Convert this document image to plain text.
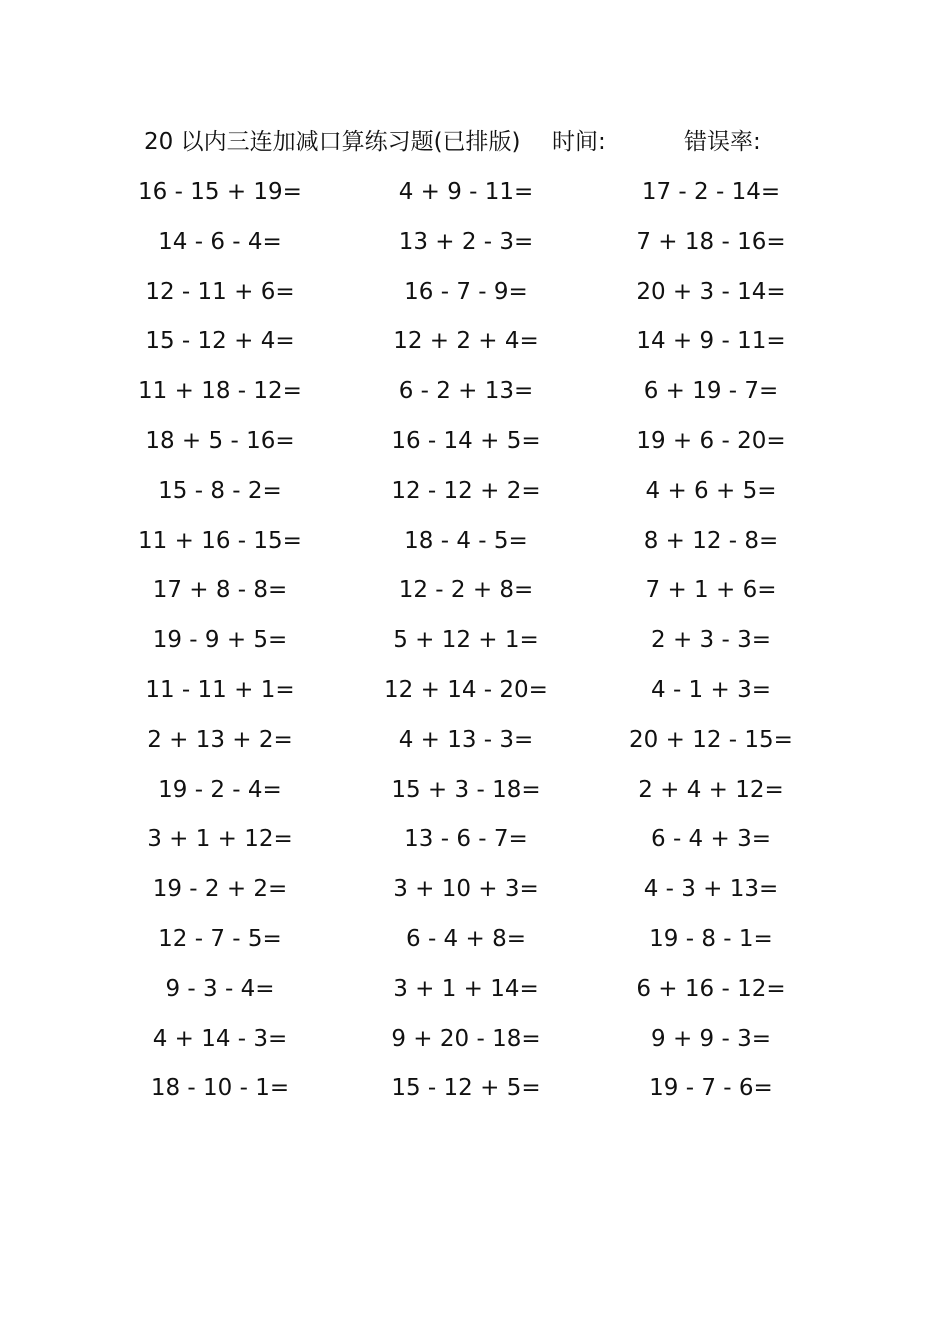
20 以内三连加减口算练习题(已排版) 时间:	错误率:
16 - 15 + 19=	4 + 9 - 11=	17 - 2 - 14=
14 - 6 - 4=	13 + 2 - 3=	7 + 18 - 16=
12 - 11 + 6=	16 - 7 - 9=	20 + 3 - 14=
15 - 12 + 4=	12 + 2 + 4=	14 + 9 - 11=
11 + 18 - 12=	6 - 2 + 13=	6 + 19 - 7=
18 + 5 - 16=	16 - 14 + 5=	19 + 6 - 20=
15 - 8 - 2=	12 - 12 + 2=	4 + 6 + 5=
11 + 16 - 15=	18 - 4 - 5=	8 + 12 - 8=
17 + 8 - 8=	12 - 2 + 8=	7 + 1 + 6=
19 - 9 + 5=	5 + 12 + 1=	2 + 3 - 3=
11 - 11 + 1=	12 + 14 - 20=	4 - 1 + 3=
2 + 13 + 2=	4 + 13 - 3=	20 + 12 - 15=
19 - 2 - 4=	15 + 3 - 18=	2 + 4 + 12=
3 + 1 + 12=	13 - 6 - 7=	6 - 4 + 3=
19 - 2 + 2=	3 + 10 + 3=	4 - 3 + 13=
12 - 7 - 5=	6 - 4 + 8=	19 - 8 - 1=
9 - 3 - 4=	3 + 1 + 14=	6 + 16 - 12=
4 + 14 - 3=	9 + 20 - 18=	9 + 9 - 3=
18 - 10 - 1=	15 - 12 + 5=	19 - 7 - 6=
